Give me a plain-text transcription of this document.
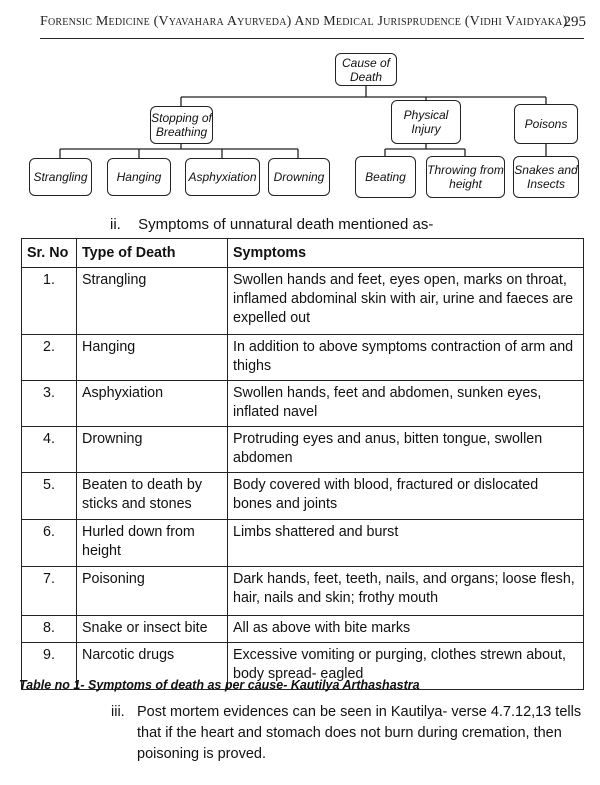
Forensic Medicine (Vyavahara Ayurveda) And Medical Jurisprudence (Vidhi Vaidyaka)
295
Cause of Death
Stopping of Breathing
Physical Injury	Poisons
Strangling	Hanging	Asphyxiation	Drowning	Beating	Throwing from height
Snakes and Insects
ii. Symptoms of unnatural death mentioned as-
Sr. No	Type of Death	Symptoms
1.	Strangling	Swollen hands and feet, eyes open, marks on throat, inflamed abdominal skin with air, urine and faeces are expelled out
2.	Hanging	In addition to above symptoms contraction of arm and thighs
3.	Asphyxiation	Swollen hands, feet and abdomen, sunken eyes, inflated navel
4.	Drowning	Protruding eyes and anus, bitten tongue, swollen abdomen
5.	Beaten to death by sticks and stones	Body covered with blood, fractured or dislocated bones and joints
6.	Hurled down from height	Limbs shattered and burst
7.	Poisoning	Dark hands, feet, teeth, nails, and organs; loose flesh, hair, nails and skin; frothy mouth
8.	Snake or insect bite	All as above with bite marks
9.	Narcotic drugs	Excessive vomiting or purging, clothes strewn about, body spread- eagled
Table no 1- Symptoms of death as per cause- Kautilya Arthashastra
iii. Post mortem evidences can be seen in Kautilya- verse 4.7.12,13 tells that if the heart and stomach does not burn during cremation, then poisoning is proved.
